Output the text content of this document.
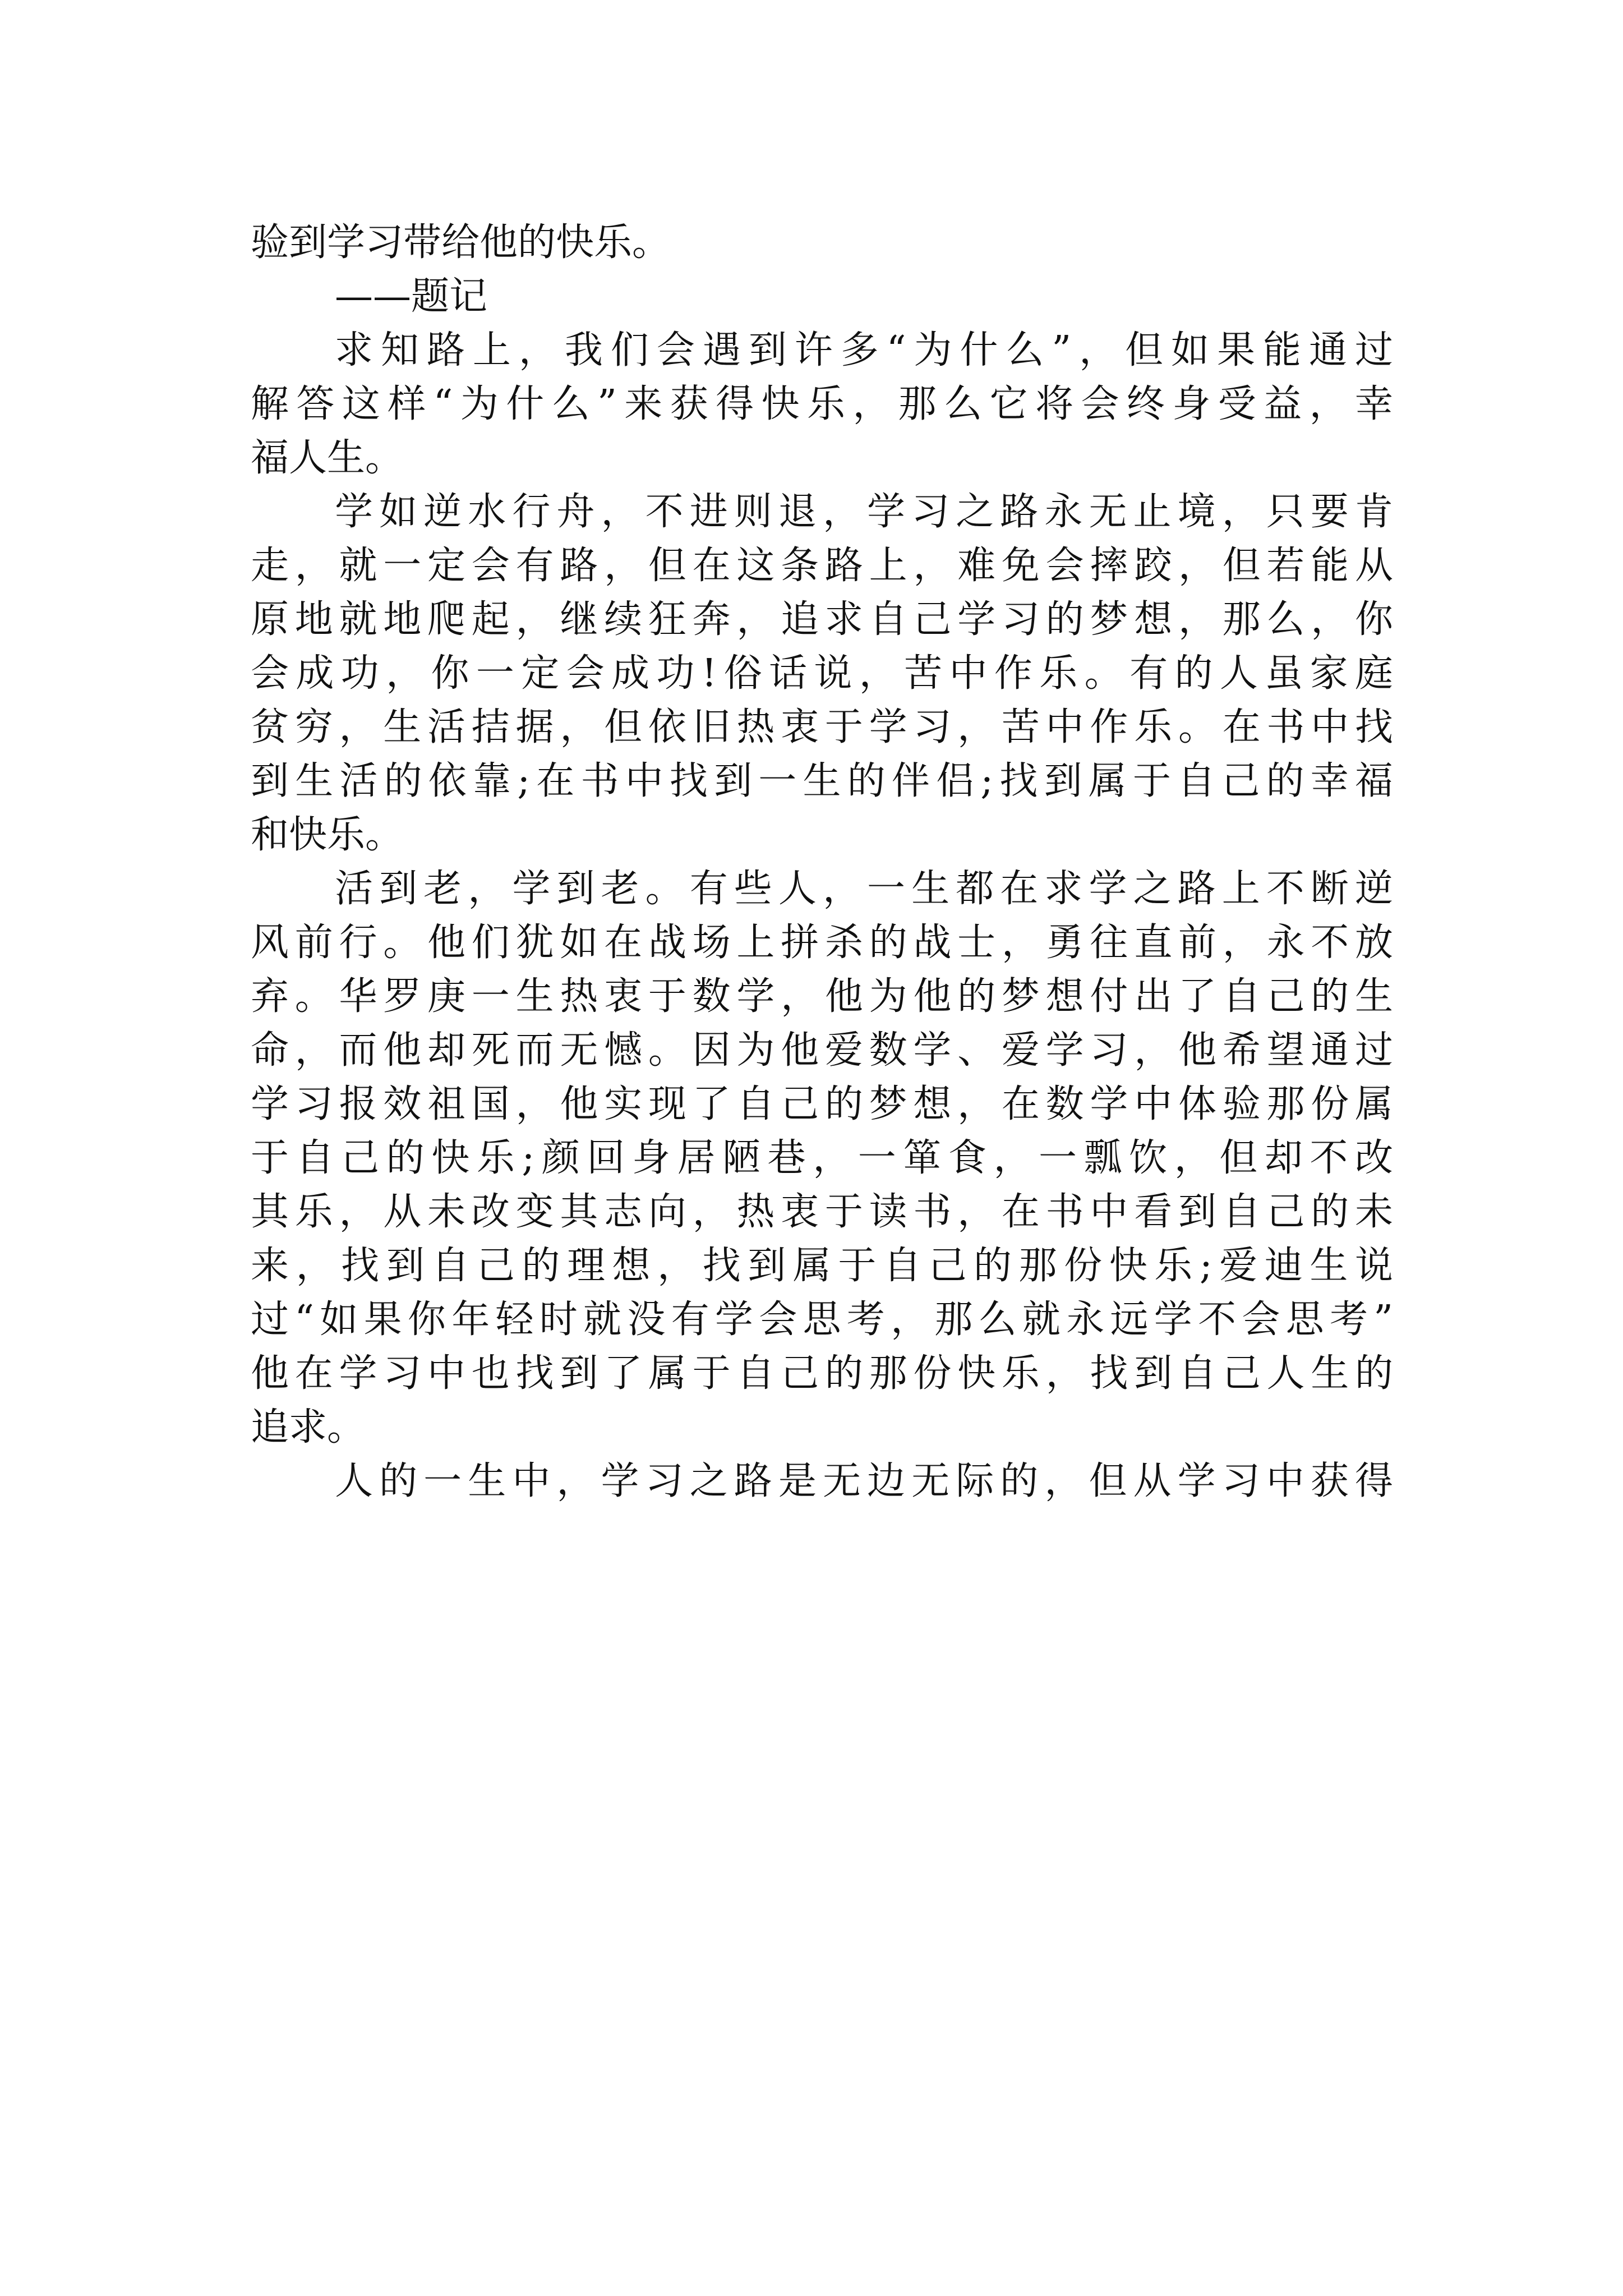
验到学习带给他的快乐。

——题记

求知路上，我们会遇到许多“为什么”，但如果能通过
解答这样“为什么”来获得快乐，那么它将会终身受益，幸
福人生。

学如逆水行舟，不进则退，学习之路永无止境，只要肯
走，就一定会有路，但在这条路上，难免会摔跤，但若能从
原地就地爬起，继续狂奔，追求自己学习的梦想，那么，你
会成功，你一定会成功!俗话说，苦中作乐。有的人虽家庭
贫穷，生活拮据，但依旧热衷于学习，苦中作乐。在书中找
到生活的依靠;在书中找到一生的伴侣;找到属于自己的幸福
和快乐。

活到老，学到老。有些人，一生都在求学之路上不断逆
风前行。他们犹如在战场上拼杀的战士，勇往直前，永不放
弃。华罗庚一生热衷于数学，他为他的梦想付出了自己的生
命，而他却死而无憾。因为他爱数学、爱学习，他希望通过
学习报效祖国，他实现了自己的梦想，在数学中体验那份属
于自己的快乐;颜回身居陋巷，一箪食，一瓢饮，但却不改
其乐，从未改变其志向，热衷于读书，在书中看到自己的未
来，找到自己的理想，找到属于自己的那份快乐;爱迪生说
过“如果你年轻时就没有学会思考，那么就永远学不会思考”
他在学习中也找到了属于自己的那份快乐，找到自己人生的
追求。

人的一生中，学习之路是无边无际的，但从学习中获得
